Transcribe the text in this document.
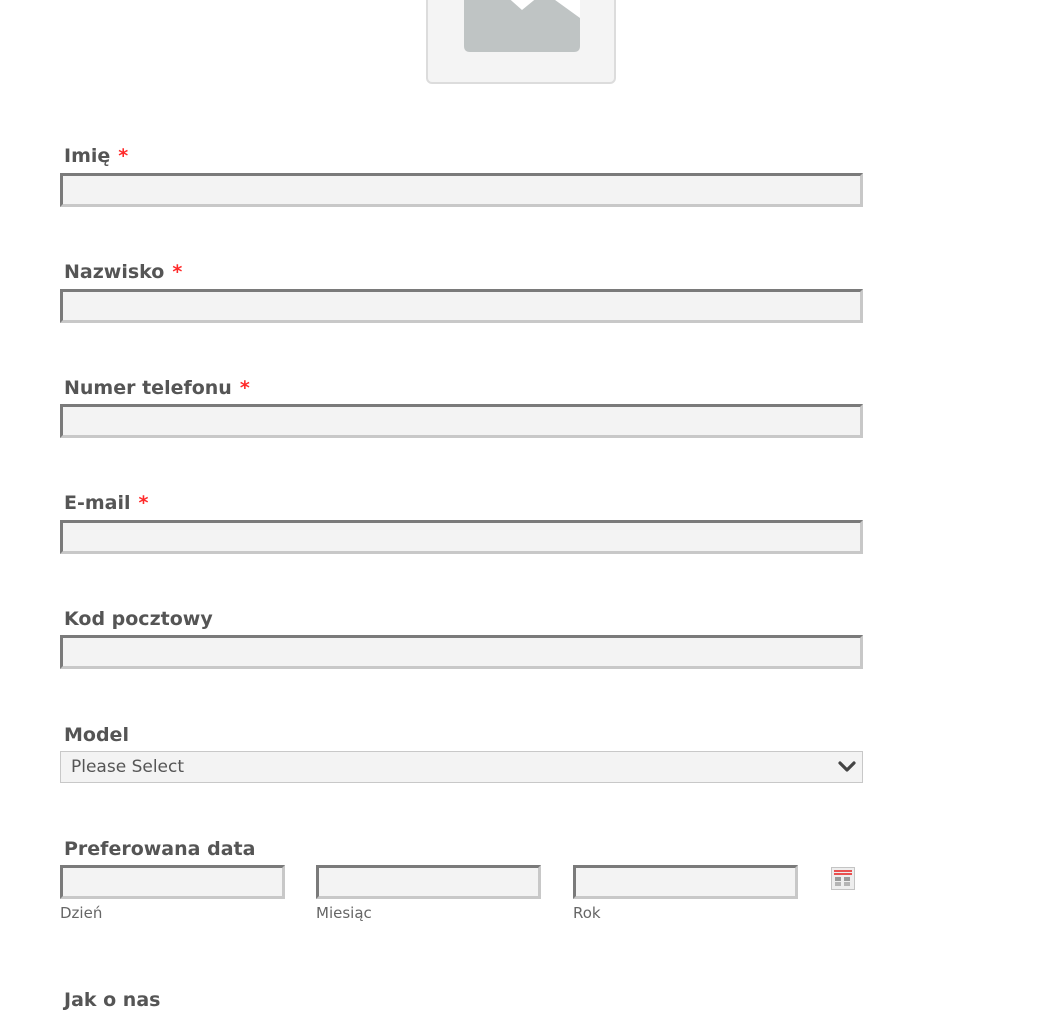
Imię *
Nazwisko *
Numer telefonu *
E-mail *
Kod pocztowy
Model
Please Select
Preferowana data
Dzień	Miesiąc	Rok
Jak o nas
